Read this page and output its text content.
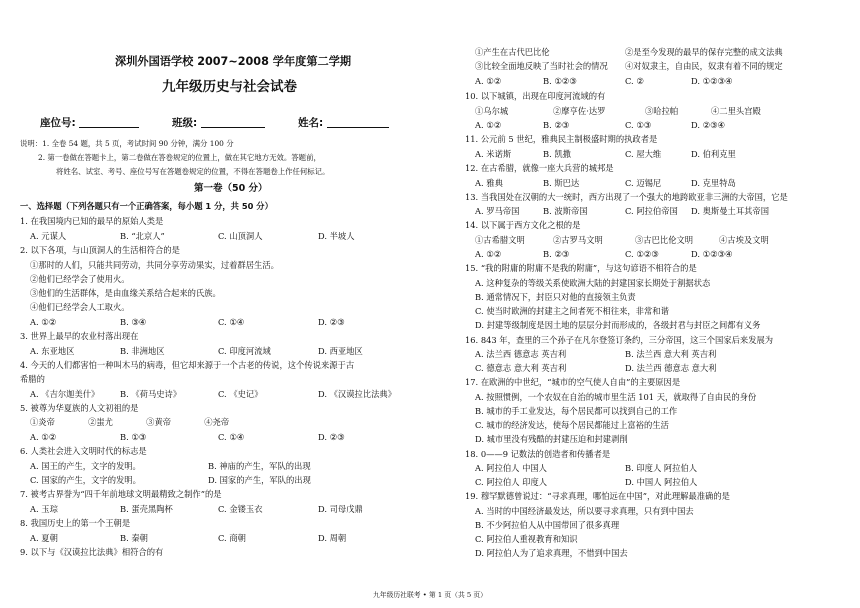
深圳外国语学校 2007~2008 学年度第二学期
九年级历史与社会试卷
座位号:	班级:	姓名:
说明：1. 全卷 54 题，共 5 页，考试时间 90 分钟，满分 100 分
2. 第一卷做在答题卡上，第二卷做在答卷规定的位置上，做在其它地方无效。答题前，
将姓名、试室、考号、座位号写在答题卷规定的位置，不得在答题卷上作任何标记。
第一卷（50 分）
一、选择题（下列各题只有一个正确答案，每小题 1 分，共 50 分）
1. 在我国境内已知的最早的原始人类是
A. 元谋人	B. “北京人”	C. 山顶洞人	D. 半坡人
2. 以下各项，与山顶洞人的生活相符合的是
①那时的人们，只能共同劳动，共同分享劳动果实，过着群居生活。
②他们已经学会了使用火。
③他们的生活群体，是由血缘关系结合起来的氏族。
④他们已经学会人工取火。
A. ①②	B. ③④	C. ①④	D. ②③
3. 世界上最早的农业村落出现在
A. 东亚地区	B. 非洲地区	C. 印度河流域	D. 西亚地区
4. 今天的人们都害怕一种叫木马的病毒，但它却来源于一个古老的传说，这个传说来源于古
希腊的
A. 《吉尔迦美什》 B. 《荷马史诗》	C. 《史记》	D. 《汉谟拉比法典》
5. 被尊为华夏族的人文初祖的是
①炎帝　　　　②蚩尤　　　　③黄帝　　　　④尧帝
A. ①②	B. ①③	C. ①④	D. ②③
6. 人类社会进入文明时代的标志是
A. 国王的产生，文字的发明。	B. 神庙的产生，军队的出现
C. 国家的产生，文字的发明。	D. 国家的产生，军队的出现
7. 被考古界誉为“四千年前地球文明最精致之制作”的是
A. 玉琮	B. 蛋壳黑陶杯	C. 金镂玉衣	D. 司母戊鼎
8. 我国历史上的第一个王朝是
A. 夏朝	B. 秦朝	C. 商朝	D. 周朝
9. 以下与《汉谟拉比法典》相符合的有
①产生在古代巴比伦	②是至今发现的最早的保存完整的成文法典
③比较全面地反映了当时社会的情况 ④对奴隶主，自由民，奴隶有着不同的规定
A. ①②	B. ①②③	C. ②	D. ①②③④
10. 以下城镇，出现在印度河流域的有
①乌尔城	②摩亨佐·达罗	③哈拉帕	④二里头宫殿
A. ①②	B. ②③	C. ①③	D. ②③④
11. 公元前 5 世纪，雅典民主制极盛时期的执政者是
A. 米诺斯	B. 凯撒	C. 屋大维	D. 伯利克里
12. 在古希腊，就像一座大兵营的城邦是
A. 雅典	B. 斯巴达	C. 迈锡尼	D. 克里特岛
13. 当我国处在汉朝的大一统时，西方出现了一个强大的地跨欧亚非三洲的大帝国，它是
A. 罗马帝国	B. 波斯帝国	C. 阿拉伯帝国 D. 奥斯曼土耳其帝国
14. 以下属于西方文化之根的是
①古希腊文明	②古罗马文明	③古巴比伦文明	④古埃及文明
A. ①②	B. ②③	C. ①②③	D. ①②③④
15. “我的附庸的附庸不是我的附庸”，与这句谚语不相符合的是
A. 这种复杂的等级关系使欧洲大陆的封建国家长期处于割据状态
B. 通常情况下，封臣只对他的直接领主负责
C. 使当时欧洲的封建主之间者死不相往来，非常和谐
D. 封建等级制度是因土地的层层分封而形成的，各级封君与封臣之间都有义务
16. 843 年，查里的三个孙子在凡尔登签订条约，三分帝国，这三个国家后来发展为
A. 法兰西 德意志 英吉利	B. 法兰西 意大利 英吉利
C. 德意志 意大利 英吉利	D. 法兰西 德意志 意大利
17. 在欧洲的中世纪，“城市的空气使人自由”的主要原因是
A. 按照惯例，一个农奴在自治的城市里生活 101 天，就取得了自由民的身份
B. 城市的手工业发达，每个居民都可以找到自己的工作
C. 城市的经济发达，使每个居民都能过上富裕的生活
D. 城市里没有残酷的封建压迫和封建剥削
18. 0——9 记数法的创造者和传播者是
A. 阿拉伯人 中国人	B. 印度人 阿拉伯人
C. 阿拉伯人 印度人	D. 中国人 阿拉伯人
19. 穆罕默德曾说过：“寻求真理，哪怕远在中国”，对此理解最准确的是
A. 当时的中国经济最发达，所以要寻求真理，只有到中国去
B. 不少阿拉伯人从中国带回了很多真理
C. 阿拉伯人重视教育和知识
D. 阿拉伯人为了追求真理，不惜到中国去
九年级历社联考 • 第 1 页（共 5 页）
